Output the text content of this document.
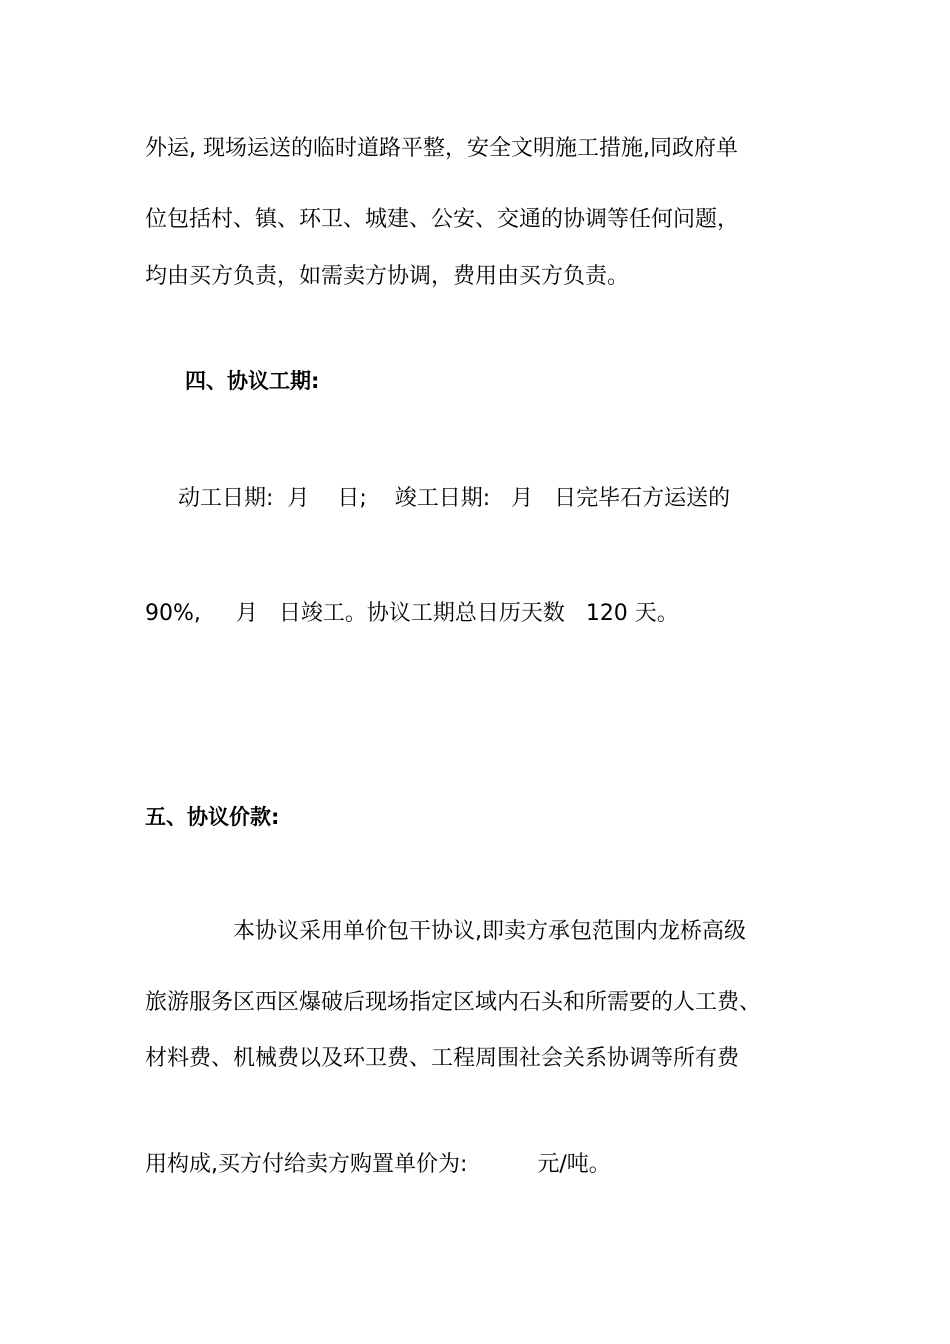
外运, 现场运送的临时道路平整，安全文明施工措施,同政府单

位包括村、镇、环卫、城建、公安、交通的协调等任何问题，

均由买方负责，如需卖方协调，费用由买方负责。

四、协议工期:

动工日期:  月    日;    竣工日期:   月   日完毕石方运送的

90%,     月   日竣工。协议工期总日历天数   120 天。

五、协议价款:

本协议采用单价包干协议,即卖方承包范围内龙桥高级

旅游服务区西区爆破后现场指定区域内石头和所需要的人工费、

材料费、机械费以及环卫费、工程周围社会关系协调等所有费

用构成,买方付给卖方购置单价为:          元/吨。
